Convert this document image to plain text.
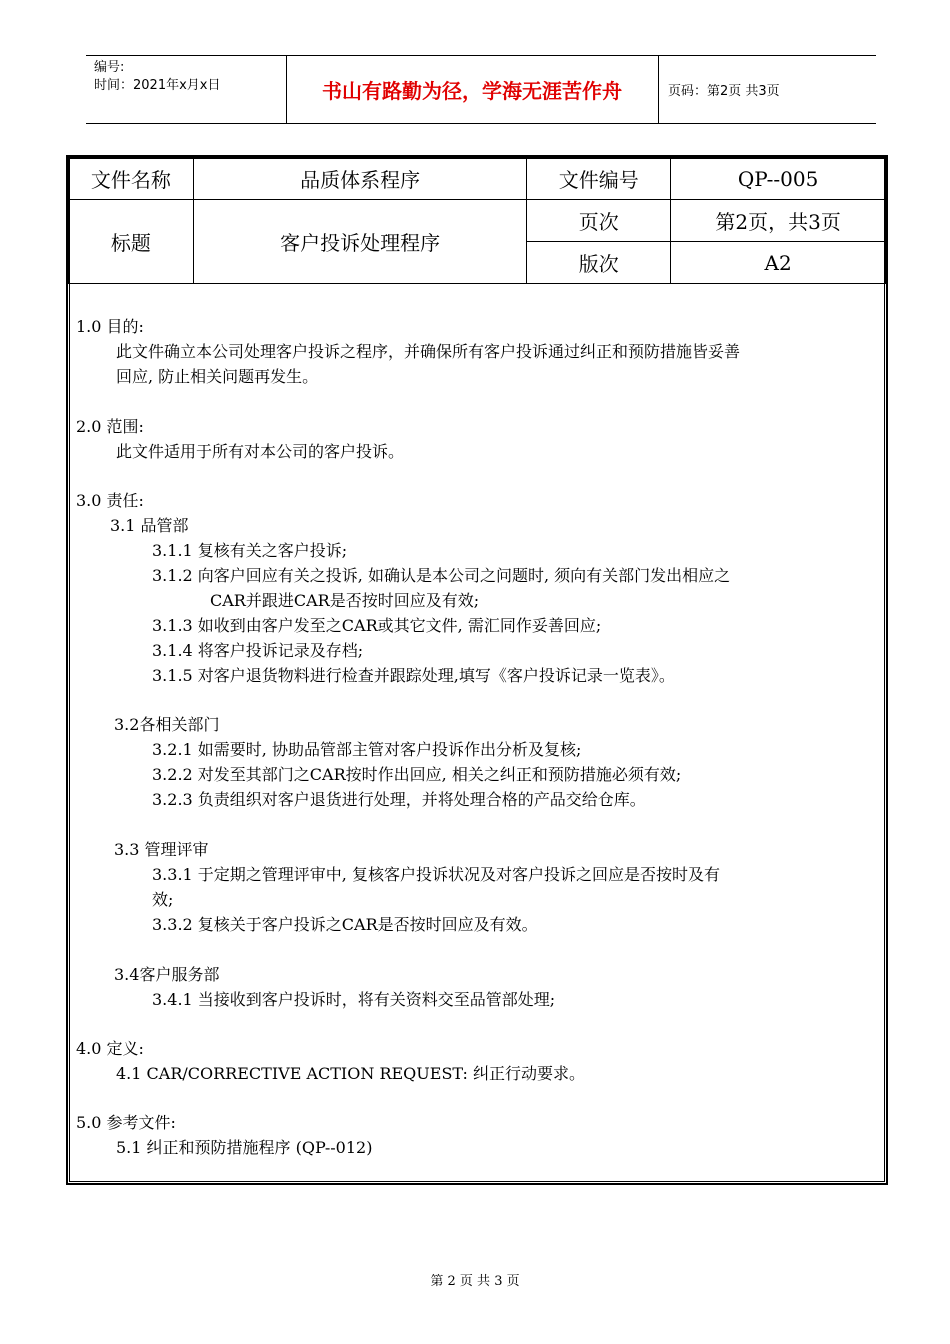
编号:
时间：2021年x月x日	书山有路勤为径，学海无涯苦作舟	页码：第2页 共3页
文件名称	品质体系程序	文件编号	QP--005
标题	客户投诉处理程序	页次	第2页，共3页
		版次	A2
1.0 目的:
此文件确立本公司处理客户投诉之程序，并确保所有客户投诉通过纠正和预防措施皆妥善
回应, 防止相关问题再发生。
2.0 范围:
此文件适用于所有对本公司的客户投诉。
3.0 责任:
3.1 品管部
3.1.1 复核有关之客户投诉;
3.1.2 向客户回应有关之投诉, 如确认是本公司之问题时, 须向有关部门发出相应之
CAR并跟进CAR是否按时回应及有效;
3.1.3 如收到由客户发至之CAR或其它文件, 需汇同作妥善回应;
3.1.4 将客户投诉记录及存档;
3.1.5 对客户退货物料进行检查并跟踪处理,填写《客户投诉记录一览表》。
3.2各相关部门
3.2.1 如需要时, 协助品管部主管对客户投诉作出分析及复核;
3.2.2 对发至其部门之CAR按时作出回应, 相关之纠正和预防措施必须有效;
3.2.3 负责组织对客户退货进行处理，并将处理合格的产品交给仓库。
3.3 管理评审
3.3.1 于定期之管理评审中, 复核客户投诉状况及对客户投诉之回应是否按时及有
效;
3.3.2 复核关于客户投诉之CAR是否按时回应及有效。
3.4客户服务部
3.4.1 当接收到客户投诉时，将有关资料交至品管部处理;
4.0 定义:
4.1 CAR/CORRECTIVE ACTION REQUEST: 纠正行动要求。
5.0 参考文件:
5.1 纠正和预防措施程序 (QP--012)
第 2 页 共 3 页
